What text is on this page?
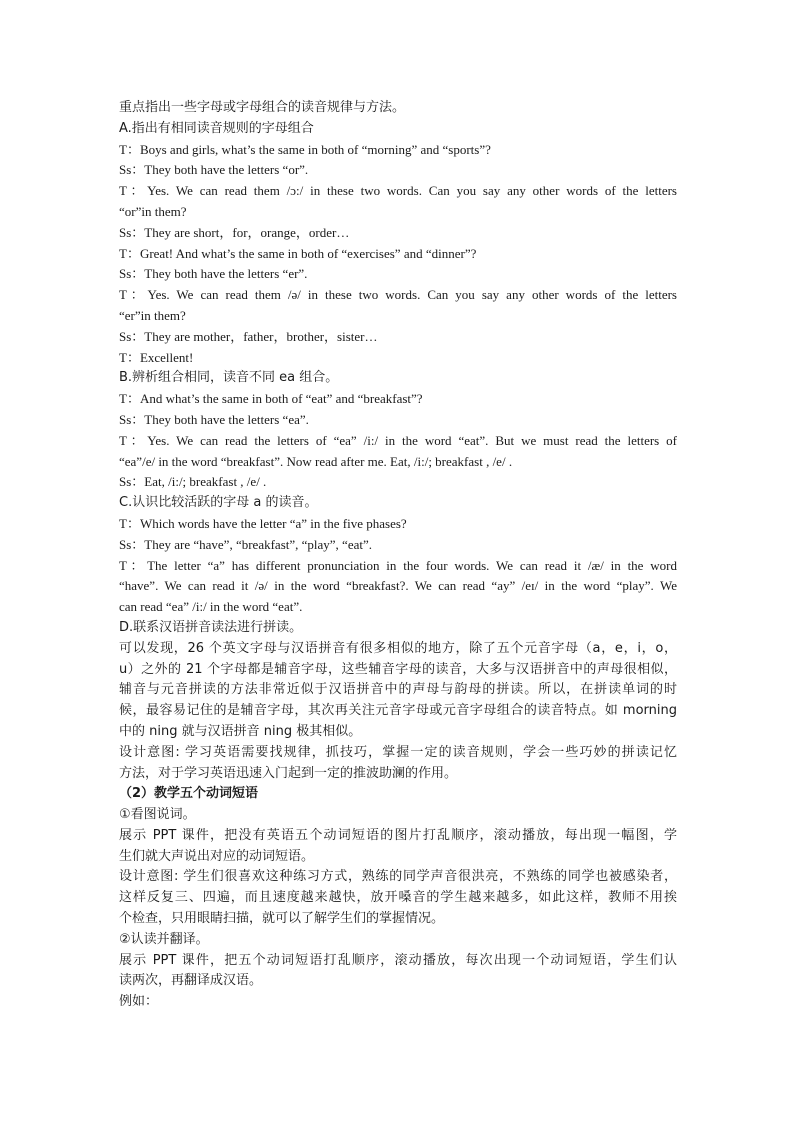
重点指出一些字母或字母组合的读音规律与方法。
A.指出有相同读音规则的字母组合
T：Boys and girls, what’s the same in both of “morning” and “sports”?
Ss：They both have the letters “or”.
T：Yes. We can read them /ɔ:/ in these two words. Can you say any other words of the letters
“or”in them?
Ss：They are short，for，orange，order…
T：Great! And what’s the same in both of “exercises” and “dinner”?
Ss：They both have the letters “er”.
T：Yes. We can read them /ə/ in these two words. Can you say any other words of the letters
“er”in them?
Ss：They are mother，father，brother，sister…
T：Excellent!
B.辨析组合相同，读音不同 ea 组合。
T：And what’s the same in both of “eat” and “breakfast”?
Ss：They both have the letters “ea”.
T：Yes. We can read the letters of “ea” /i:/ in the word “eat”. But we must read the letters of
“ea”/e/ in the word “breakfast”. Now read after me. Eat, /i:/; breakfast , /e/ .
Ss：Eat, /i:/; breakfast , /e/ .
C.认识比较活跃的字母 a 的读音。
T：Which words have the letter “a” in the five phases?
Ss：They are “have”, “breakfast”, “play”, “eat”.
T：The letter “a” has different pronunciation in the four words. We can read it /æ/ in the word
“have”. We can read it /ə/ in the word “breakfast?. We can read “ay” /eɪ/ in the word “play”. We
can read “ea” /i:/ in the word “eat”.
D.联系汉语拼音读法进行拼读。
可以发现，26 个英文字母与汉语拼音有很多相似的地方，除了五个元音字母（a，e，i，o，
u）之外的 21 个字母都是辅音字母，这些辅音字母的读音，大多与汉语拼音中的声母很相似，
辅音与元音拼读的方法非常近似于汉语拼音中的声母与韵母的拼读。所以，在拼读单词的时
候，最容易记住的是辅音字母，其次再关注元音字母或元音字母组合的读音特点。如 morning
中的 ning 就与汉语拼音 ning 极其相似。
设计意图: 学习英语需要找规律，抓技巧，掌握一定的读音规则，学会一些巧妙的拼读记忆
方法，对于学习英语迅速入门起到一定的推波助澜的作用。
（2）教学五个动词短语
①看图说词。
展示 PPT 课件，把没有英语五个动词短语的图片打乱顺序，滚动播放，每出现一幅图，学
生们就大声说出对应的动词短语。
设计意图: 学生们很喜欢这种练习方式，熟练的同学声音很洪亮，不熟练的同学也被感染者，
这样反复三、四遍，而且速度越来越快，放开嗓音的学生越来越多，如此这样，教师不用挨
个检查，只用眼睛扫描，就可以了解学生们的掌握情况。
②认读并翻译。
展示 PPT 课件，把五个动词短语打乱顺序，滚动播放，每次出现一个动词短语，学生们认
读两次，再翻译成汉语。
例如：
